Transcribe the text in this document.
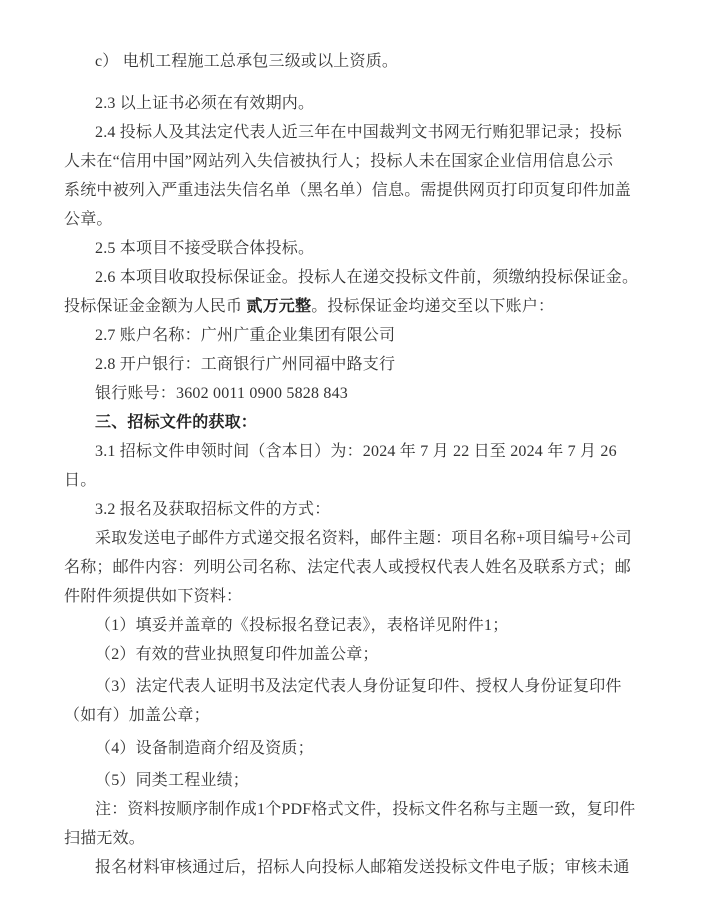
c） 电机工程施工总承包三级或以上资质。
2.3 以上证书必须在有效期内。
2.4 投标人及其法定代表人近三年在中国裁判文书网无行贿犯罪记录；投标
人未在“信用中国”网站列入失信被执行人；投标人未在国家企业信用信息公示
系统中被列入严重违法失信名单（黑名单）信息。需提供网页打印页复印件加盖
公章。
2.5 本项目不接受联合体投标。
2.6 本项目收取投标保证金。投标人在递交投标文件前，须缴纳投标保证金。
投标保证金金额为人民币 贰万元整。投标保证金均递交至以下账户：
2.7 账户名称：广州广重企业集团有限公司
2.8 开户银行：工商银行广州同福中路支行
银行账号：3602 0011 0900 5828 843
三、招标文件的获取：
3.1 招标文件申领时间（含本日）为：2024 年 7 月 22 日至 2024 年 7 月 26
日。
3.2 报名及获取招标文件的方式：
采取发送电子邮件方式递交报名资料，邮件主题：项目名称+项目编号+公司
名称；邮件内容：列明公司名称、法定代表人或授权代表人姓名及联系方式；邮
件附件须提供如下资料：
（1）填妥并盖章的《投标报名登记表》，表格详见附件1；
（2）有效的营业执照复印件加盖公章；
（3）法定代表人证明书及法定代表人身份证复印件、授权人身份证复印件
（如有）加盖公章；
（4）设备制造商介绍及资质；
（5）同类工程业绩；
注：资料按顺序制作成1个PDF格式文件，投标文件名称与主题一致，复印件
扫描无效。
报名材料审核通过后，招标人向投标人邮箱发送投标文件电子版；审核未通
